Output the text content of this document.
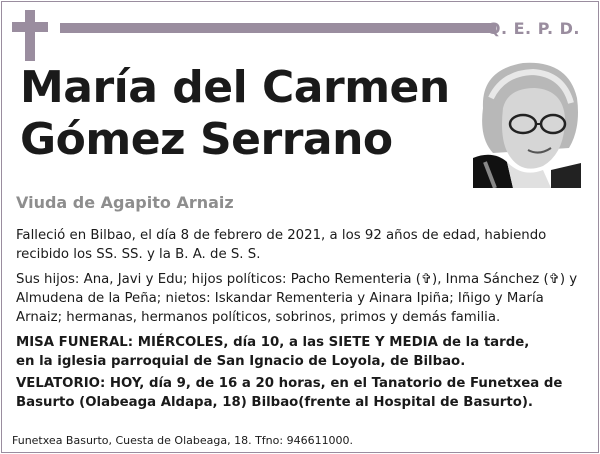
Q. E. P. D.
María del Carmen
Gómez Serrano
Viuda de Agapito Arnaiz

Falleció en Bilbao, el día 8 de febrero de 2021, a los 92 años de edad, habiendo recibido los SS. SS. y la B. A. de S. S.

Sus hijos: Ana, Javi y Edu; hijos políticos: Pacho Rementeria (✞), Inma Sánchez (✞) y Almudena de la Peña; nietos: Iskandar Rementeria y Ainara Ipiña; Iñigo y María Arnaiz; hermanas, hermanos políticos, sobrinos, primos y demás familia.

MISA FUNERAL: MIÉRCOLES, día 10, a las SIETE Y MEDIA de la tarde,
en la iglesia parroquial de San Ignacio de Loyola, de Bilbao.

VELATORIO: HOY, día 9, de 16 a 20 horas, en el Tanatorio de Funetxea de Basurto (Olabeaga Aldapa, 18) Bilbao(frente al Hospital de Basurto).

Funetxea Basurto, Cuesta de Olabeaga, 18. Tfno: 946611000.
